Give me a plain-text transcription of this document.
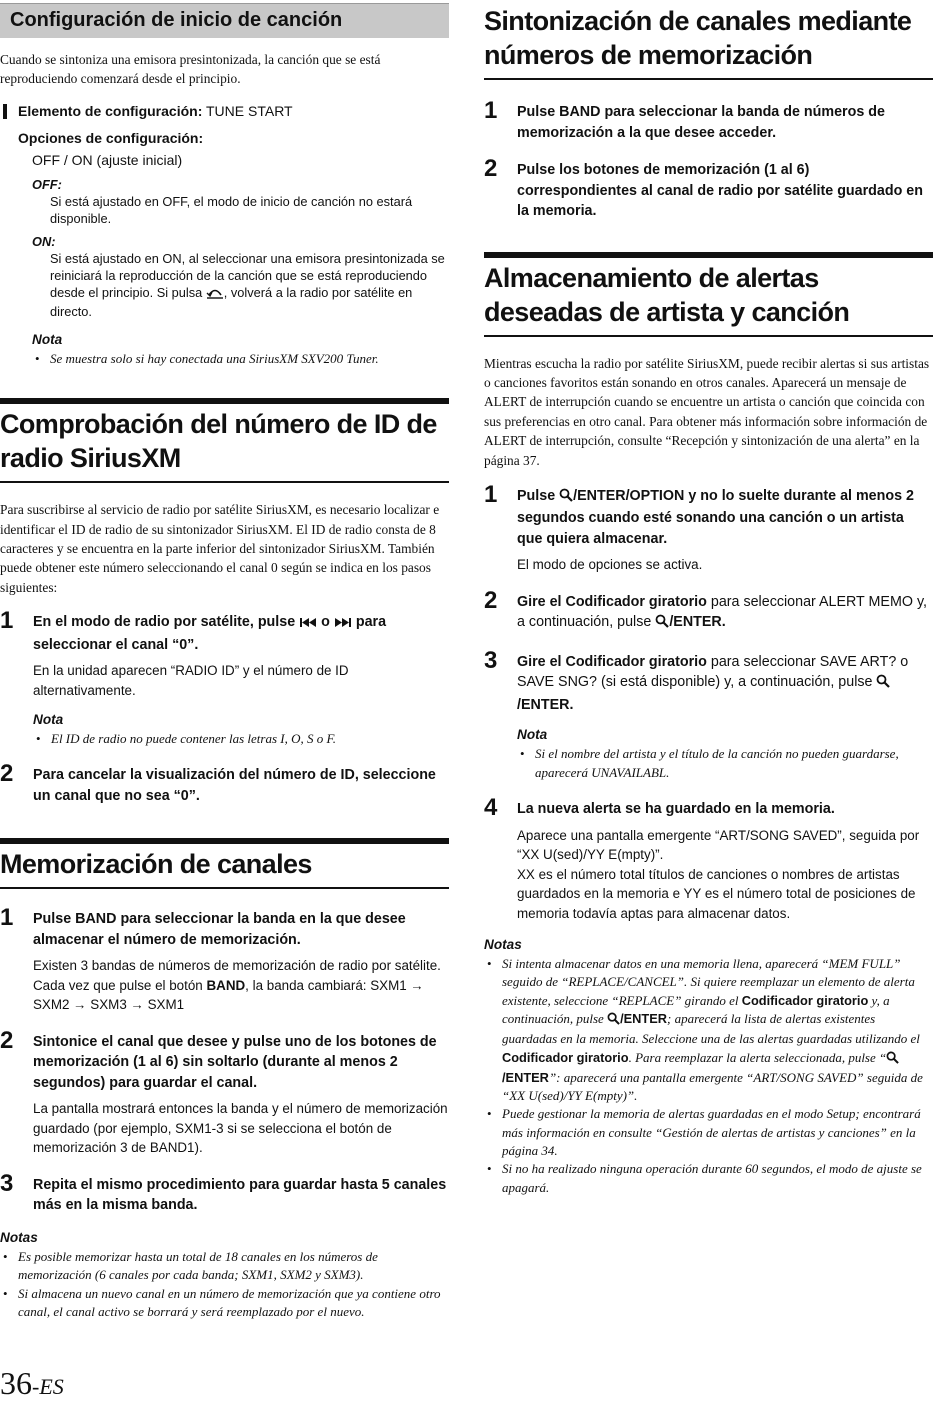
Configuración de inicio de canción
Cuando se sintoniza una emisora presintonizada, la canción que se está reproduciendo comenzará desde el principio.
Elemento de configuración: TUNE START
Opciones de configuración:
OFF / ON (ajuste inicial)
OFF:
Si está ajustado en OFF, el modo de inicio de canción no estará disponible.
ON:
Si está ajustado en ON, al seleccionar una emisora presintonizada se reiniciará la reproducción de la canción que se está reproduciendo desde el principio. Si pulsa , volverá a la radio por satélite en directo.
Nota
• Se muestra solo si hay conectada una SiriusXM SXV200 Tuner.
Comprobación del número de ID de radio SiriusXM
Para suscribirse al servicio de radio por satélite SiriusXM, es necesario localizar e identificar el ID de radio de su sintonizador SiriusXM. El ID de radio consta de 8 caracteres y se encuentra en la parte inferior del sintonizador SiriusXM. También puede obtener este número seleccionando el canal 0 según se indica en los pasos siguientes:
1 En el modo de radio por satélite, pulse o para seleccionar el canal “0”.
En la unidad aparecen “RADIO ID” y el número de ID alternativamente.
Nota
• El ID de radio no puede contener las letras I, O, S o F.
2 Para cancelar la visualización del número de ID, seleccione un canal que no sea “0”.
Memorización de canales
1 Pulse BAND para seleccionar la banda en la que desee almacenar el número de memorización.
Existen 3 bandas de números de memorización de radio por satélite.
Cada vez que pulse el botón BAND, la banda cambiará: SXM1 → SXM2 → SXM3 → SXM1
2 Sintonice el canal que desee y pulse uno de los botones de memorización (1 al 6) sin soltarlo (durante al menos 2 segundos) para guardar el canal.
La pantalla mostrará entonces la banda y el número de memorización guardado (por ejemplo, SXM1-3 si se selecciona el botón de memorización 3 de BAND1).
3 Repita el mismo procedimiento para guardar hasta 5 canales más en la misma banda.
Notas
• Es posible memorizar hasta un total de 18 canales en los números de memorización (6 canales por cada banda; SXM1, SXM2 y SXM3).
• Si almacena un nuevo canal en un número de memorización que ya contiene otro canal, el canal activo se borrará y será reemplazado por el nuevo.
36-ES
Sintonización de canales mediante números de memorización
1 Pulse BAND para seleccionar la banda de números de memorización a la que desee acceder.
2 Pulse los botones de memorización (1 al 6) correspondientes al canal de radio por satélite guardado en la memoria.
Almacenamiento de alertas deseadas de artista y canción
Mientras escucha la radio por satélite SiriusXM, puede recibir alertas si sus artistas o canciones favoritos están sonando en otros canales. Aparecerá un mensaje de ALERT de interrupción cuando se encuentre un artista o canción que coincida con sus preferencias en otro canal. Para obtener más información sobre información de ALERT de interrupción, consulte “Recepción y sintonización de una alerta” en la página 37.
1 Pulse /ENTER/OPTION y no lo suelte durante al menos 2 segundos cuando esté sonando una canción o un artista que quiera almacenar.
El modo de opciones se activa.
2 Gire el Codificador giratorio para seleccionar ALERT MEMO y, a continuación, pulse /ENTER.
3 Gire el Codificador giratorio para seleccionar SAVE ART? o SAVE SNG? (si está disponible) y, a continuación, pulse /ENTER.
Nota
• Si el nombre del artista y el título de la canción no pueden guardarse, aparecerá UNAVAILABL.
4 La nueva alerta se ha guardado en la memoria.
Aparece una pantalla emergente “ART/SONG SAVED”, seguida por “XX U(sed)/YY E(mpty)”.
XX es el número total títulos de canciones o nombres de artistas guardados en la memoria e YY es el número total de posiciones de memoria todavía aptas para almacenar datos.
Notas
• Si intenta almacenar datos en una memoria llena, aparecerá “MEM FULL” seguido de “REPLACE/CANCEL”. Si quiere reemplazar un elemento de alerta existente, seleccione “REPLACE” girando el Codificador giratorio y, a continuación, pulse /ENTER; aparecerá la lista de alertas existentes guardadas en la memoria. Seleccione una de las alertas guardadas utilizando el Codificador giratorio. Para reemplazar la alerta seleccionada, pulse “/ENTER”: aparecerá una pantalla emergente “ART/SONG SAVED” seguida de “XX U(sed)/YY E(mpty)”.
• Puede gestionar la memoria de alertas guardadas en el modo Setup; encontrará más información en consulte “Gestión de alertas de artistas y canciones” en la página 34.
• Si no ha realizado ninguna operación durante 60 segundos, el modo de ajuste se apagará.
